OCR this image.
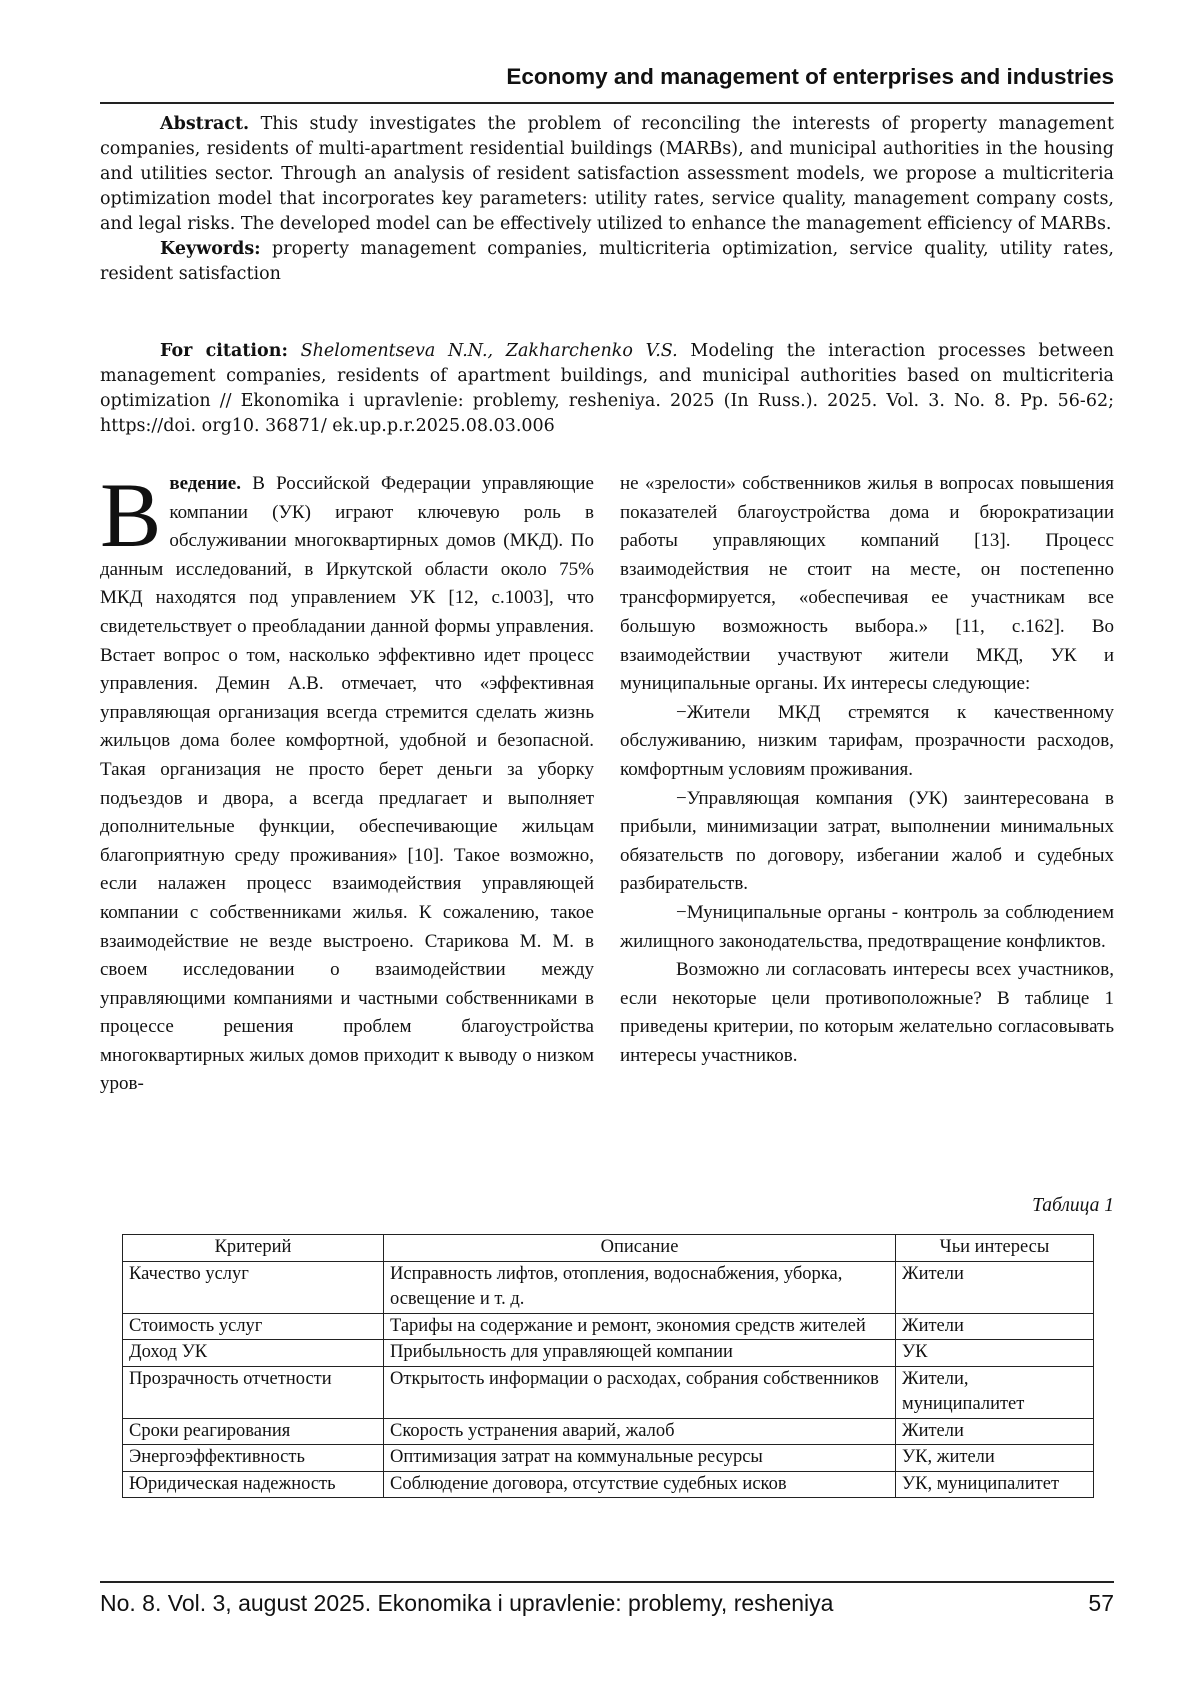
Economy and management of enterprises and industries

Abstract. This study investigates the problem of reconciling the interests of property management companies, residents of multi-apartment residential buildings (MARBs), and municipal authorities in the housing and utilities sector. Through an analysis of resident satisfaction assessment models, we propose a multicriteria optimization model that incorporates key parameters: utility rates, service quality, management company costs, and legal risks. The developed model can be effectively utilized to enhance the management efficiency of MARBs.

Keywords: property management companies, multicriteria optimization, service quality, utility rates, resident satisfaction

For citation: Shelomentseva N.N., Zakharchenko V.S. Modeling the interaction processes between management companies, residents of apartment buildings, and municipal authorities based on multicriteria optimization // Ekonomika i upravlenie: problemy, resheniya. 2025 (In Russ.). 2025. Vol. 3. No. 8. Pp. 56-62; https://doi. org10. 36871/ ek.up.p.r.2025.08.03.006

Введение. В Российской Федерации управляющие компании (УК) играют ключевую роль в обслуживании многоквартирных домов (МКД). По данным исследований, в Иркутской области около 75% МКД находятся под управлением УК [12, с.1003], что свидетельствует о преобладании данной формы управления. Встает вопрос о том, насколько эффективно идет процесс управления. Демин А.В. отмечает, что «эффективная управляющая организация всегда стремится сделать жизнь жильцов дома более комфортной, удобной и безопасной. Такая организация не просто берет деньги за уборку подъездов и двора, а всегда предлагает и выполняет дополнительные функции, обеспечивающие жильцам благоприятную среду проживания» [10]. Такое возможно, если налажен процесс взаимодействия управляющей компании с собственниками жилья. К сожалению, такое взаимодействие не везде выстроено. Старикова М. М. в своем исследовании о взаимодействии между управляющими компаниями и частными собственниками в процессе решения проблем благоустройства многоквартирных жилых домов приходит к выводу о низком уров-

не «зрелости» собственников жилья в вопросах повышения показателей благоустройства дома и бюрократизации работы управляющих компаний [13]. Процесс взаимодействия не стоит на месте, он постепенно трансформируется, «обеспечивая ее участникам все большую возможность выбора.» [11, с.162]. Во взаимодействии участвуют жители МКД, УК и муниципальные органы. Их интересы следующие:

−Жители МКД стремятся к качественному обслуживанию, низким тарифам, прозрачности расходов, комфортным условиям проживания.

−Управляющая компания (УК) заинтересована в прибыли, минимизации затрат, выполнении минимальных обязательств по договору, избегании жалоб и судебных разбирательств.

−Муниципальные органы - контроль за соблюдением жилищного законодательства, предотвращение конфликтов.

Возможно ли согласовать интересы всех участников, если некоторые цели противоположные? В таблице 1 приведены критерии, по которым желательно согласовывать интересы участников.

Таблица 1
Критерий	Описание	Чьи интересы
Качество услуг	Исправность лифтов, отопления, водоснабжения, уборка, освещение и т. д.	Жители
Стоимость услуг	Тарифы на содержание и ремонт, экономия средств жителей	Жители
Доход УК	Прибыльность для управляющей компании	УК
Прозрачность отчетности	Открытость информации о расходах, собрания собственников	Жители, муниципалитет
Сроки реагирования	Скорость устранения аварий, жалоб	Жители
Энергоэффективность	Оптимизация затрат на коммунальные ресурсы	УК, жители
Юридическая надежность	Соблюдение договора, отсутствие судебных исков	УК, муниципалитет
No. 8. Vol. 3, august 2025. Ekonomika i upravlenie: problemy, resheniya	57
